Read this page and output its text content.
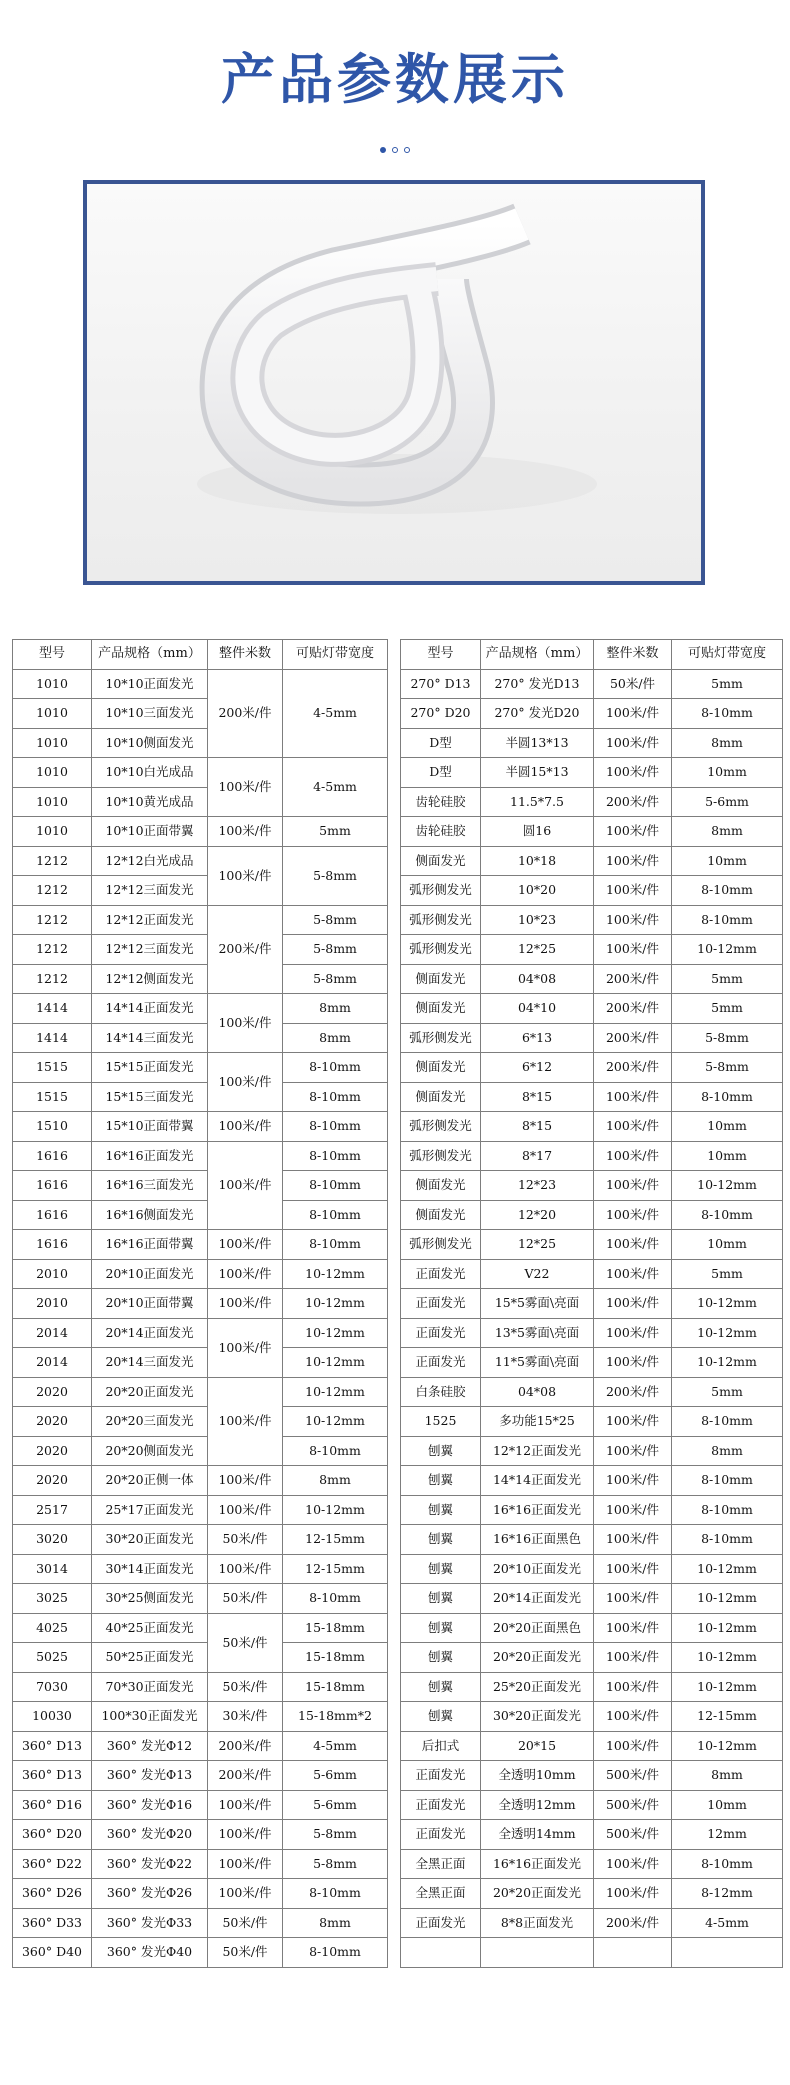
产品参数展示
型号	产品规格（mm）	整件米数	可贴灯带宽度
1010	10*10正面发光	200米/件	4-5mm
1010	10*10三面发光		
1010	10*10侧面发光		
1010	10*10白光成品	100米/件	4-5mm
1010	10*10黄光成品		
1010	10*10正面带翼	100米/件	5mm
1212	12*12白光成品	100米/件	5-8mm
1212	12*12三面发光		
1212	12*12正面发光	200米/件	5-8mm
1212	12*12三面发光		5-8mm
1212	12*12侧面发光		5-8mm
1414	14*14正面发光	100米/件	8mm
1414	14*14三面发光		8mm
1515	15*15正面发光	100米/件	8-10mm
1515	15*15三面发光		8-10mm
1510	15*10正面带翼	100米/件	8-10mm
1616	16*16正面发光	100米/件	8-10mm
1616	16*16三面发光		8-10mm
1616	16*16侧面发光		8-10mm
1616	16*16正面带翼	100米/件	8-10mm
2010	20*10正面发光	100米/件	10-12mm
2010	20*10正面带翼	100米/件	10-12mm
2014	20*14正面发光	100米/件	10-12mm
2014	20*14三面发光		10-12mm
2020	20*20正面发光	100米/件	10-12mm
2020	20*20三面发光		10-12mm
2020	20*20侧面发光		8-10mm
2020	20*20正侧一体	100米/件	8mm
2517	25*17正面发光	100米/件	10-12mm
3020	30*20正面发光	50米/件	12-15mm
3014	30*14正面发光	100米/件	12-15mm
3025	30*25侧面发光	50米/件	8-10mm
4025	40*25正面发光	50米/件	15-18mm
5025	50*25正面发光		15-18mm
7030	70*30正面发光	50米/件	15-18mm
10030	100*30正面发光	30米/件	15-18mm*2
360° D13	360° 发光Φ12	200米/件	4-5mm
360° D13	360° 发光Φ13	200米/件	5-6mm
360° D16	360° 发光Φ16	100米/件	5-6mm
360° D20	360° 发光Φ20	100米/件	5-8mm
360° D22	360° 发光Φ22	100米/件	5-8mm
360° D26	360° 发光Φ26	100米/件	8-10mm
360° D33	360° 发光Φ33	50米/件	8mm
360° D40	360° 发光Φ40	50米/件	8-10mm
型号	产品规格（mm）	整件米数	可贴灯带宽度
270° D13	270° 发光D13	50米/件	5mm
270° D20	270° 发光D20	100米/件	8-10mm
D型	半圆13*13	100米/件	8mm
D型	半圆15*13	100米/件	10mm
齿轮硅胶	11.5*7.5	200米/件	5-6mm
齿轮硅胶	圆16	100米/件	8mm
侧面发光	10*18	100米/件	10mm
弧形侧发光	10*20	100米/件	8-10mm
弧形侧发光	10*23	100米/件	8-10mm
弧形侧发光	12*25	100米/件	10-12mm
侧面发光	04*08	200米/件	5mm
侧面发光	04*10	200米/件	5mm
弧形侧发光	6*13	200米/件	5-8mm
侧面发光	6*12	200米/件	5-8mm
侧面发光	8*15	100米/件	8-10mm
弧形侧发光	8*15	100米/件	10mm
弧形侧发光	8*17	100米/件	10mm
侧面发光	12*23	100米/件	10-12mm
侧面发光	12*20	100米/件	8-10mm
弧形侧发光	12*25	100米/件	10mm
正面发光	V22	100米/件	5mm
正面发光	15*5雾面\亮面	100米/件	10-12mm
正面发光	13*5雾面\亮面	100米/件	10-12mm
正面发光	11*5雾面\亮面	100米/件	10-12mm
白条硅胶	04*08	200米/件	5mm
1525	多功能15*25	100米/件	8-10mm
刨翼	12*12正面发光	100米/件	8mm
刨翼	14*14正面发光	100米/件	8-10mm
刨翼	16*16正面发光	100米/件	8-10mm
刨翼	16*16正面黑色	100米/件	8-10mm
刨翼	20*10正面发光	100米/件	10-12mm
刨翼	20*14正面发光	100米/件	10-12mm
刨翼	20*20正面黑色	100米/件	10-12mm
刨翼	20*20正面发光	100米/件	10-12mm
刨翼	25*20正面发光	100米/件	10-12mm
刨翼	30*20正面发光	100米/件	12-15mm
后扣式	20*15	100米/件	10-12mm
正面发光	全透明10mm	500米/件	8mm
正面发光	全透明12mm	500米/件	10mm
正面发光	全透明14mm	500米/件	12mm
全黑正面	16*16正面发光	100米/件	8-10mm
全黑正面	20*20正面发光	100米/件	8-12mm
正面发光	8*8正面发光	200米/件	4-5mm
